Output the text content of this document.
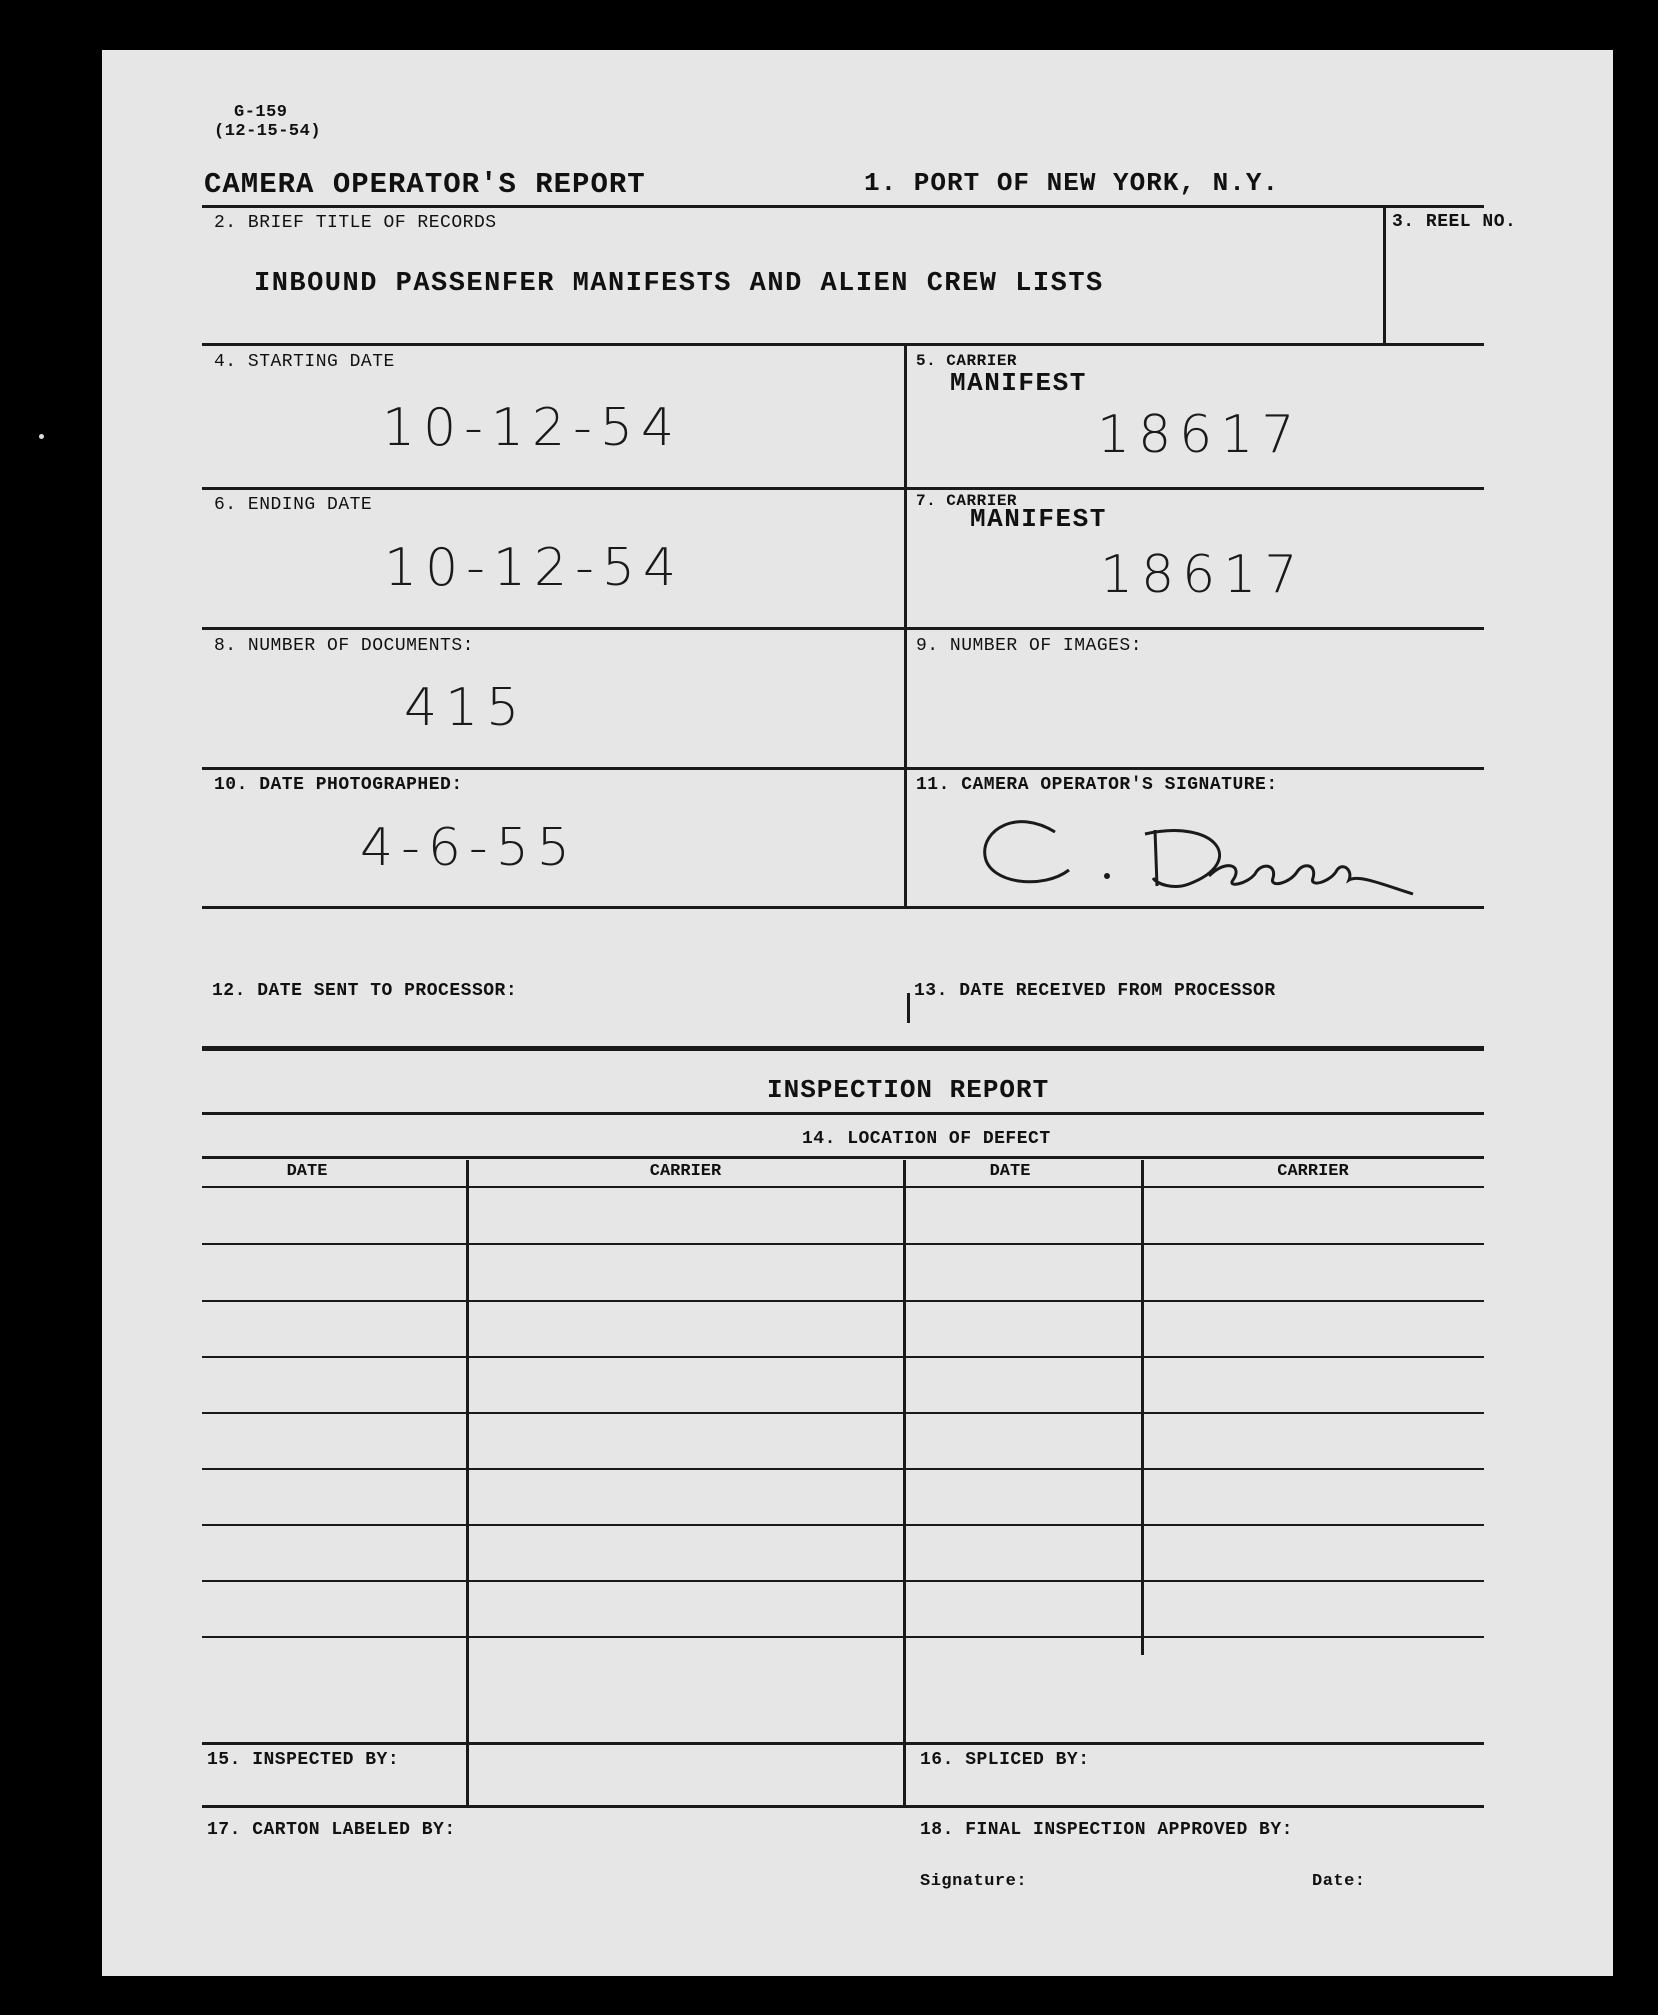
G-159
(12-15-54)
CAMERA OPERATOR'S REPORT	1. PORT OF NEW YORK, N.Y.
2. BRIEF TITLE OF RECORDS
INBOUND PASSENFER MANIFESTS AND ALIEN CREW LISTS
3. REEL NO.
4. STARTING DATE
10-12-54
5. CARRIER
MANIFEST
18617
6. ENDING DATE
10-12-54
7. CARRIER
MANIFEST
18617
8. NUMBER OF DOCUMENTS:
415
9. NUMBER OF IMAGES:
10. DATE PHOTOGRAPHED:
4-6-55
11. CAMERA OPERATOR'S SIGNATURE:
12. DATE SENT TO PROCESSOR:	13. DATE RECEIVED FROM PROCESSOR
INSPECTION REPORT
14. LOCATION OF DEFECT
DATE	CARRIER	DATE	CARRIER
15. INSPECTED BY:	16. SPLICED BY:
17. CARTON LABELED BY:	18. FINAL INSPECTION APPROVED BY:
Signature:	Date:
